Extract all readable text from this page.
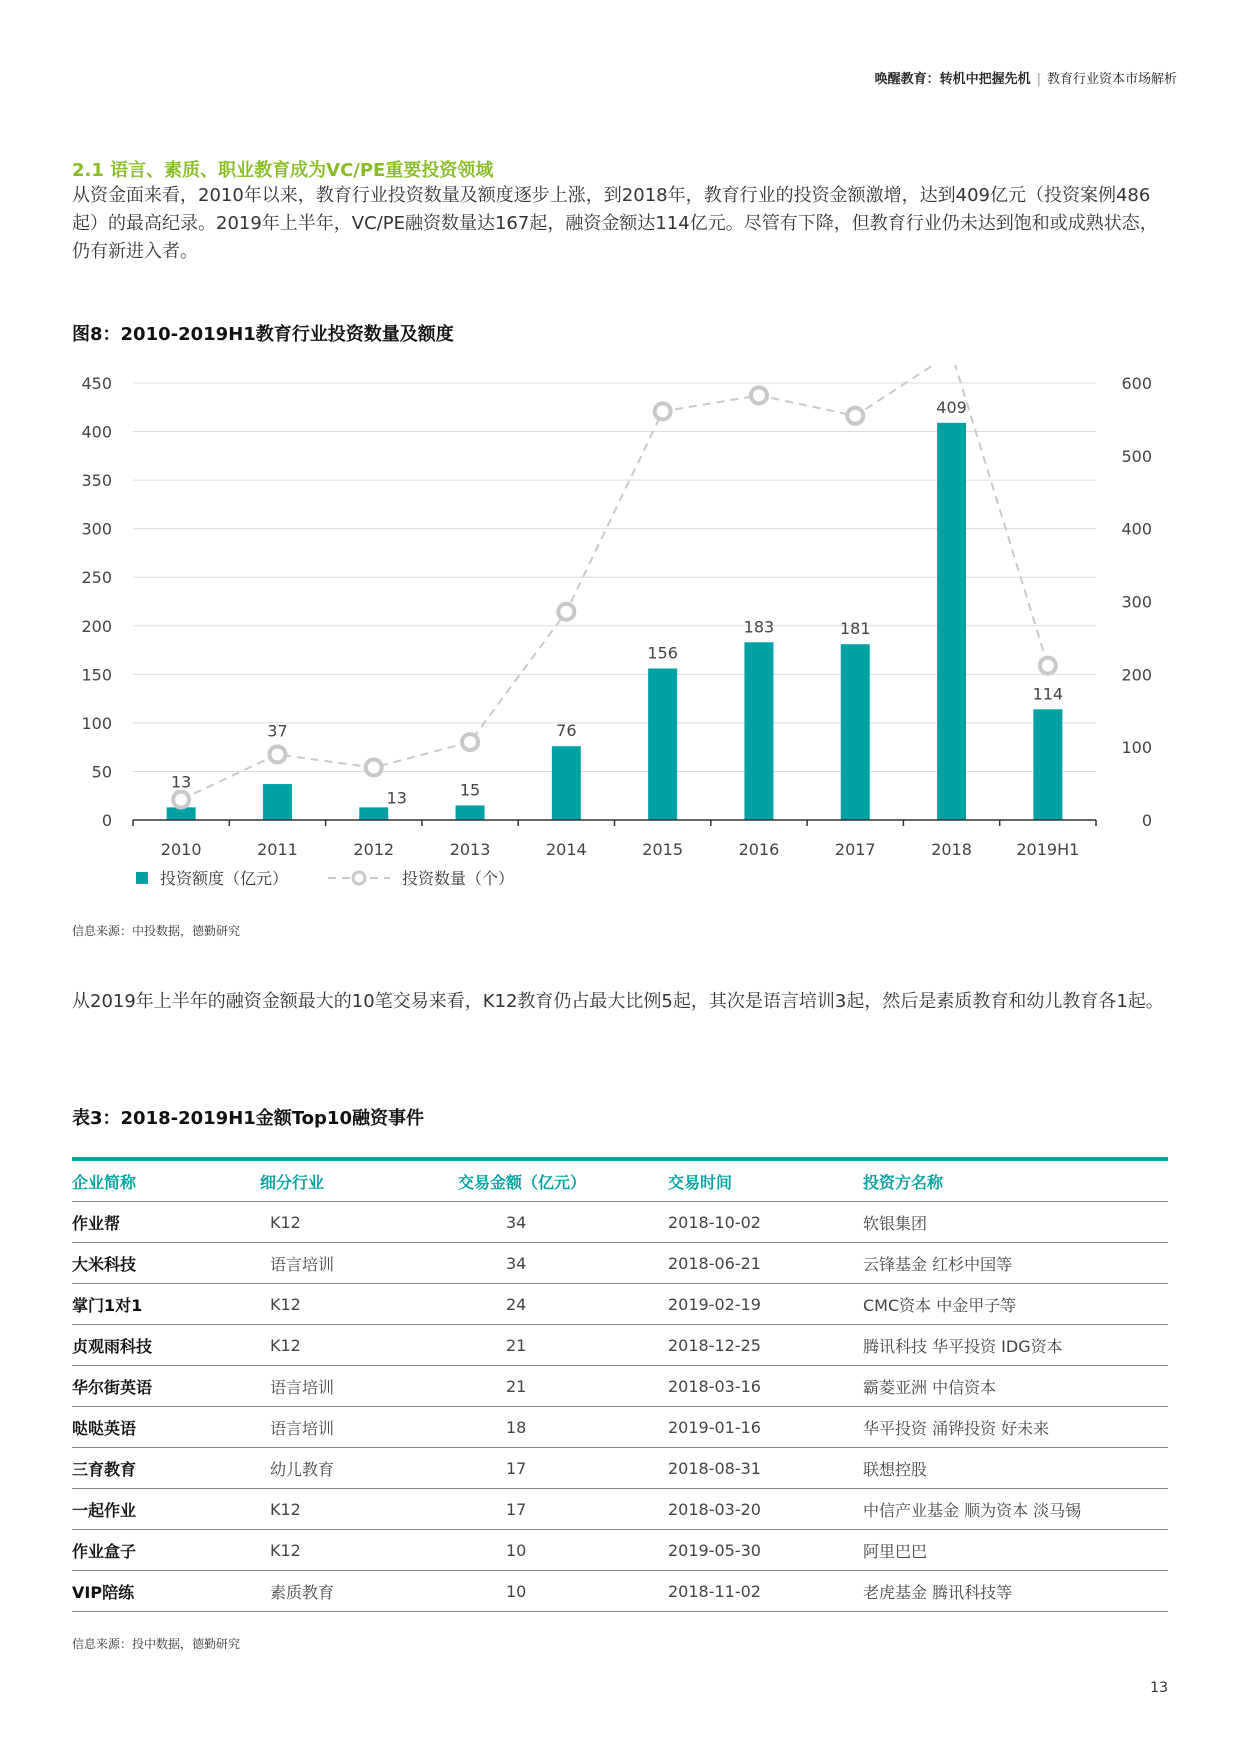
唤醒教育：转机中把握先机 | 教育行业资本市场解析
2.1 语言、素质、职业教育成为VC/PE重要投资领域
从资金面来看，2010年以来，教育行业投资数量及额度逐步上涨，到2018年，教育行业的投资金额激增，达到409亿元（投资案例486起）的最高纪录。2019年上半年，VC/PE融资数量达167起，融资金额达114亿元。尽管有下降，但教育行业仍未达到饱和或成熟状态，仍有新进入者。
图8：2010-2019H1教育行业投资数量及额度
0
50
100
150
200
250
300
350
400
450
0
100
200
300
400
500
600
13
37
13	15
76
156
183	181
409
114
2010	2011	2012	2013	2014	2015	2016	2017	2018	2019H1
投资额度（亿元）	投资数量（个）
信息来源：中投数据，德勤研究
从2019年上半年的融资金额最大的10笔交易来看，K12教育仍占最大比例5起，其次是语言培训3起，然后是素质教育和幼儿教育各1起。
表3：2018-2019H1金额Top10融资事件
企业简称	细分行业	交易金额（亿元）	交易时间	投资方名称
作业帮	K12	34	2018-10-02	软银集团
大米科技	语言培训	34	2018-06-21	云锋基金 红杉中国等
掌门1对1	K12	24	2019-02-19	CMC资本 中金甲子等
贞观雨科技	K12	21	2018-12-25	腾讯科技 华平投资 IDG资本
华尔街英语	语言培训	21	2018-03-16	霸菱亚洲 中信资本
哒哒英语	语言培训	18	2019-01-16	华平投资 涌铧投资 好未来
三育教育	幼儿教育	17	2018-08-31	联想控股
一起作业	K12	17	2018-03-20	中信产业基金 顺为资本 淡马锡
作业盒子	K12	10	2019-05-30	阿里巴巴
VIP陪练	素质教育	10	2018-11-02	老虎基金 腾讯科技等
信息来源：投中数据，德勤研究
13
